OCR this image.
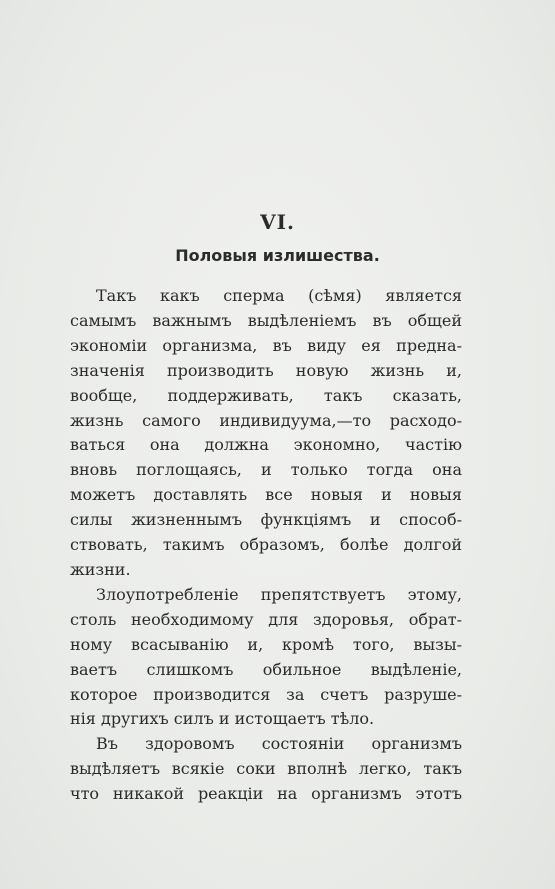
VI.
Половыя излишества.
Такъ какъ сперма (сѣмя) является
самымъ важнымъ выдѣленіемъ въ общей
экономіи организма, въ виду ея предна-
значенія производить новую жизнь и,
вообще, поддерживать, такъ сказать,
жизнь самого индивидуума,—то расходо-
ваться она должна экономно, частію
вновь поглощаясь, и только тогда она
можетъ доставлять все новыя и новыя
силы жизненнымъ функціямъ и способ-
ствовать, такимъ образомъ, болѣе долгой
жизни.
Злоупотребленіе препятствуетъ этому,
столь необходимому для здоровья, обрат-
ному всасыванію и, кромѣ того, вызы-
ваетъ слишкомъ обильное выдѣленіе,
которое производится за счетъ разруше-
нія другихъ силъ и истощаетъ тѣло.
Въ здоровомъ состояніи организмъ
выдѣляетъ всякіе соки вполнѣ легко, такъ
что никакой реакціи на организмъ этотъ
